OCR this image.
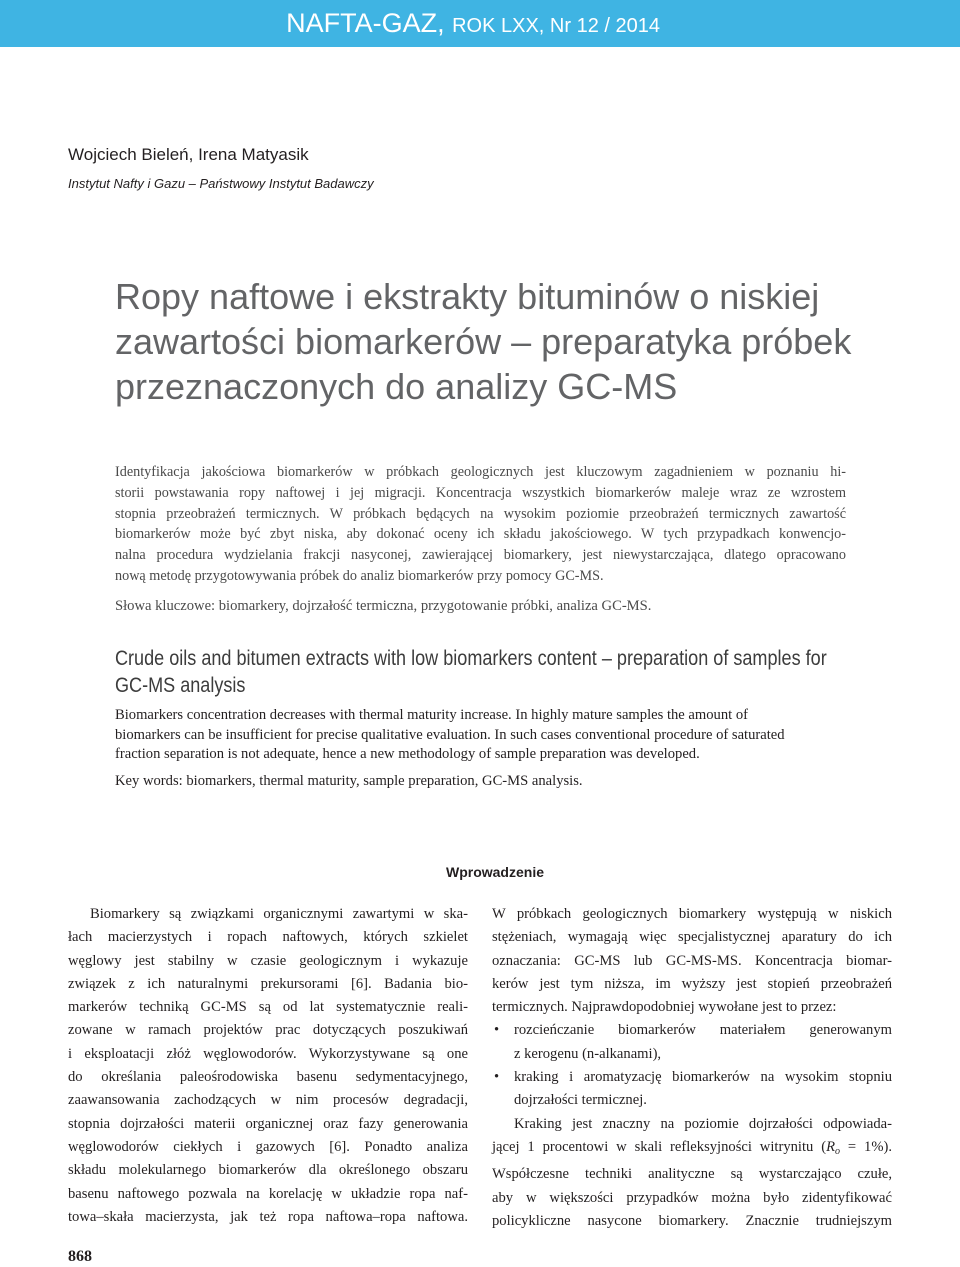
NAFTA-GAZ, ROK LXX, Nr 12 / 2014
Wojciech Bieleń, Irena Matyasik
Instytut Nafty i Gazu – Państwowy Instytut Badawczy
Ropy naftowe i ekstrakty bituminów o niskiej
zawartości biomarkerów – preparatyka próbek
przeznaczonych do analizy GC-MS
Identyfikacja jakościowa biomarkerów w próbkach geologicznych jest kluczowym zagadnieniem w poznaniu hi-
storii powstawania ropy naftowej i jej migracji. Koncentracja wszystkich biomarkerów maleje wraz ze wzrostem
stopnia przeobrażeń termicznych. W próbkach będących na wysokim poziomie przeobrażeń termicznych zawartość
biomarkerów może być zbyt niska, aby dokonać oceny ich składu jakościowego. W tych przypadkach konwencjo-
nalna procedura wydzielania frakcji nasyconej, zawierającej biomarkery, jest niewystarczająca, dlatego opracowano
nową metodę przygotowywania próbek do analiz biomarkerów przy pomocy GC-MS.
Słowa kluczowe: biomarkery, dojrzałość termiczna, przygotowanie próbki, analiza GC-MS.
Crude oils and bitumen extracts with low biomarkers content – preparation of samples for
GC-MS analysis
Biomarkers concentration decreases with thermal maturity increase. In highly mature samples the amount of
biomarkers can be insufficient for precise qualitative evaluation. In such cases conventional procedure of saturated
fraction separation is not adequate, hence a new methodology of sample preparation was developed.
Key words: biomarkers, thermal maturity, sample preparation, GC-MS analysis.
Wprowadzenie
Biomarkery są związkami organicznymi zawartymi w ska-
łach macierzystych i ropach naftowych, których szkielet
węglowy jest stabilny w czasie geologicznym i wykazuje
związek z ich naturalnymi prekursorami [6]. Badania bio-
markerów techniką GC-MS są od lat systematycznie reali-
zowane w ramach projektów prac dotyczących poszukiwań
i eksploatacji złóż węglowodorów. Wykorzystywane są one
do określania paleośrodowiska basenu sedymentacyjnego,
zaawansowania zachodzących w nim procesów degradacji,
stopnia dojrzałości materii organicznej oraz fazy generowania
węglowodorów ciekłych i gazowych [6]. Ponadto analiza
składu molekularnego biomarkerów dla określonego obszaru
basenu naftowego pozwala na korelację w układzie ropa naf-
towa–skała macierzysta, jak też ropa naftowa–ropa naftowa.
W próbkach geologicznych biomarkery występują w niskich
stężeniach, wymagają więc specjalistycznej aparatury do ich
oznaczania: GC-MS lub GC-MS-MS. Koncentracja biomar-
kerów jest tym niższa, im wyższy jest stopień przeobrażeń
termicznych. Najprawdopodobniej wywołane jest to przez:
• rozcieńczanie biomarkerów materiałem generowanym
z kerogenu (n-alkanami),
• kraking i aromatyzację biomarkerów na wysokim stopniu
dojrzałości termicznej.
Kraking jest znaczny na poziomie dojrzałości odpowiada-
jącej 1 procentowi w skali refleksyjności witrynitu $(R_o = 1\%)$.
Współczesne techniki analityczne są wystarczająco czułe,
aby w większości przypadków można było zidentyfikować
policykliczne nasycone biomarkery. Znacznie trudniejszym
868
